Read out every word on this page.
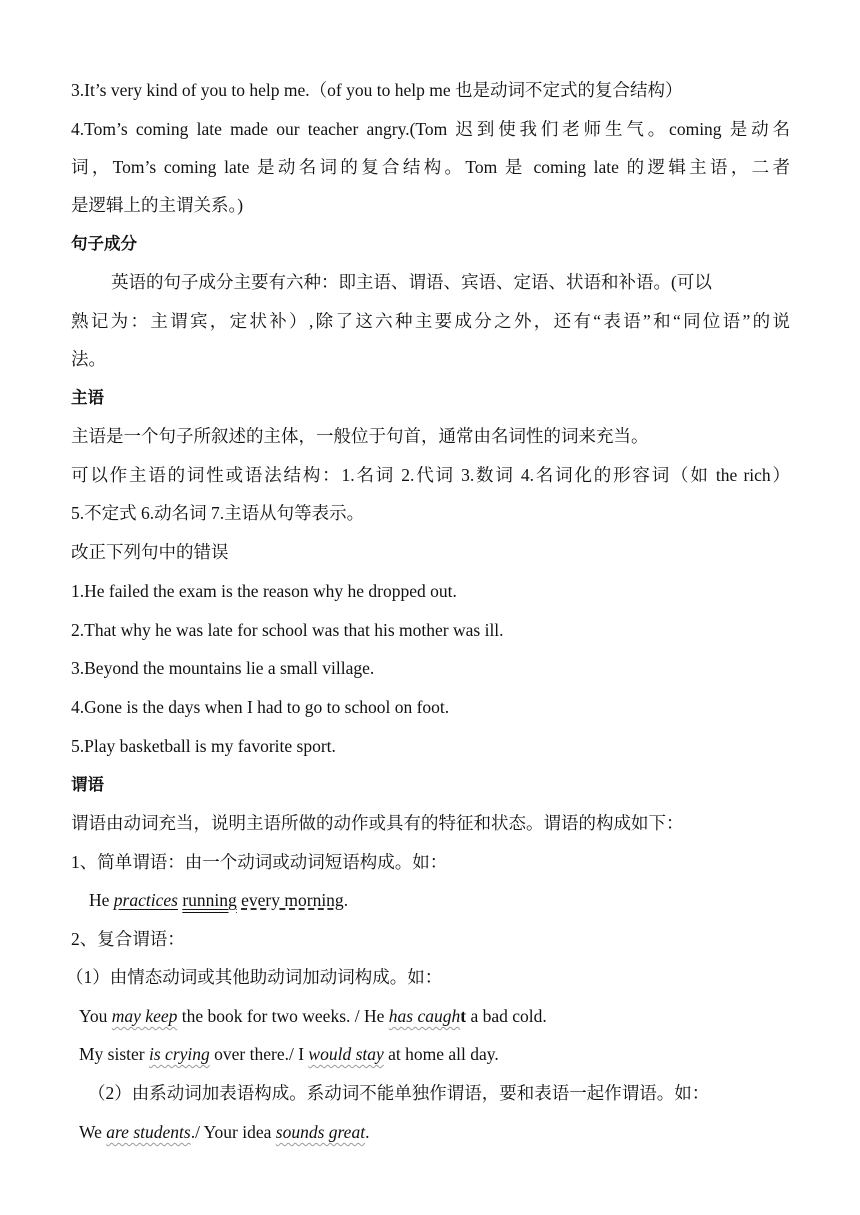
3.It’s very kind of you to help me.（of you to help me 也是动词不定式的复合结构）
4.Tom’s coming late made our teacher angry.(Tom 迟到使我们老师生气。coming 是动名
词，Tom’s coming late 是动名词的复合结构。Tom 是 coming late 的逻辑主语，二者
是逻辑上的主谓关系。)
句子成分
英语的句子成分主要有六种：即主语、谓语、宾语、定语、状语和补语。(可以
熟记为：主谓宾，定状补）,除了这六种主要成分之外，还有“表语”和“同位语”的说
法。
主语
主语是一个句子所叙述的主体，一般位于句首，通常由名词性的词来充当。
可以作主语的词性或语法结构：1.名词 2.代词 3.数词 4.名词化的形容词（如 the rich）
5.不定式 6.动名词 7.主语从句等表示。
改正下列句中的错误
1.He failed the exam is the reason why he dropped out.
2.That why he was late for school was that his mother was ill.
3.Beyond the mountains lie a small village.
4.Gone is the days when I had to go to school on foot.
5.Play basketball is my favorite sport.
谓语
谓语由动词充当，说明主语所做的动作或具有的特征和状态。谓语的构成如下：
1、简单谓语：由一个动词或动词短语构成。如：
He practices running every morning.
2、复合谓语：
（1）由情态动词或其他助动词加动词构成。如：
You may keep the book for two weeks. / He has caught a bad cold.
My sister is crying over there./ I would stay at home all day.
（2）由系动词加表语构成。系动词不能单独作谓语，要和表语一起作谓语。如：
We are students./ Your idea sounds great.
